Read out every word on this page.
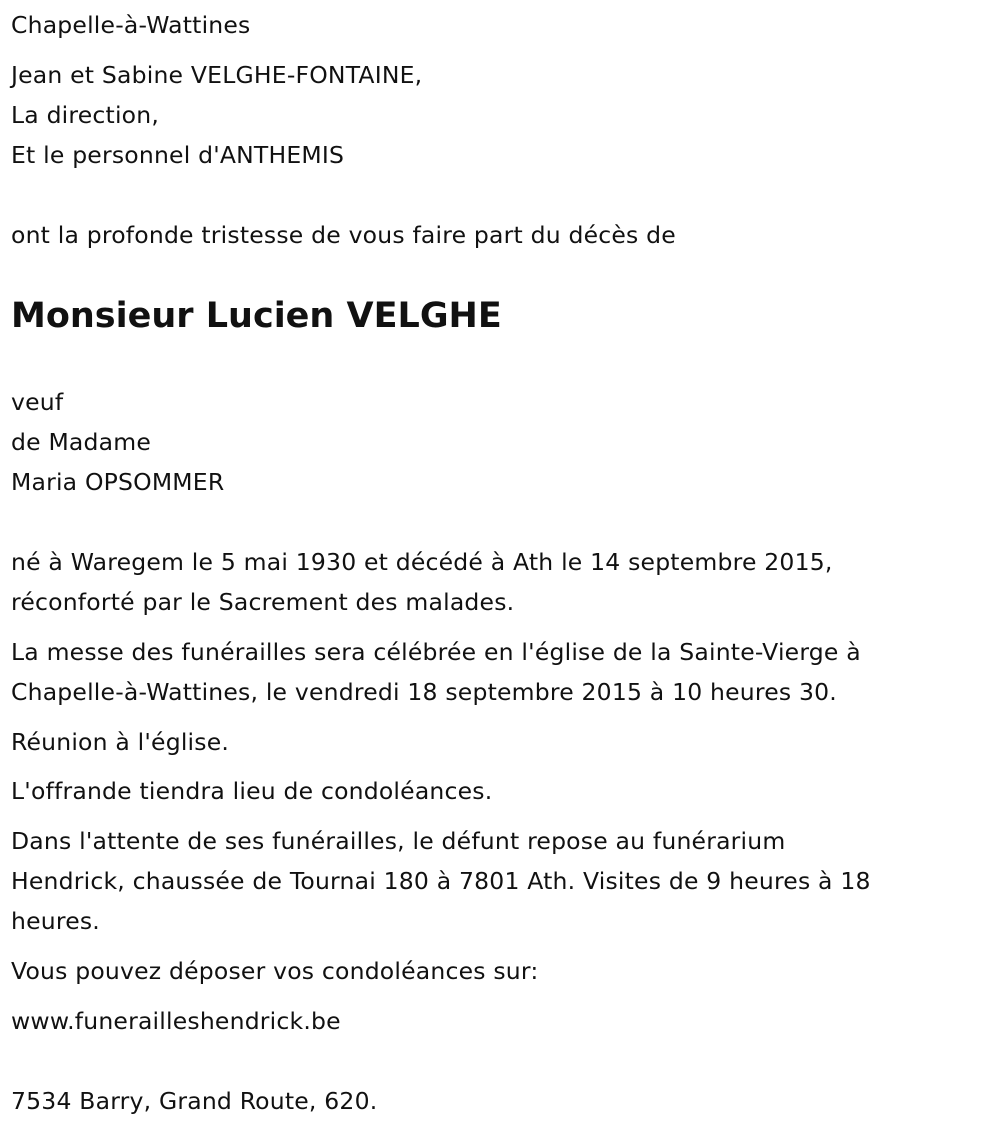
Chapelle-à-Wattines
Jean et Sabine VELGHE-FONTAINE,
La direction,
Et le personnel d'ANTHEMIS
ont la profonde tristesse de vous faire part du décès de
Monsieur Lucien VELGHE
veuf
de Madame
Maria OPSOMMER
né à Waregem le 5 mai 1930 et décédé à Ath le 14 septembre 2015,
réconforté par le Sacrement des malades.
La messe des funérailles sera célébrée en l'église de la Sainte-Vierge à
Chapelle-à-Wattines, le vendredi 18 septembre 2015 à 10 heures 30.
Réunion à l'église.
L'offrande tiendra lieu de condoléances.
Dans l'attente de ses funérailles, le défunt repose au funérarium
Hendrick, chaussée de Tournai 180 à 7801 Ath. Visites de 9 heures à 18
heures.
Vous pouvez déposer vos condoléances sur:
www.funerailleshendrick.be
7534 Barry, Grand Route, 620.
